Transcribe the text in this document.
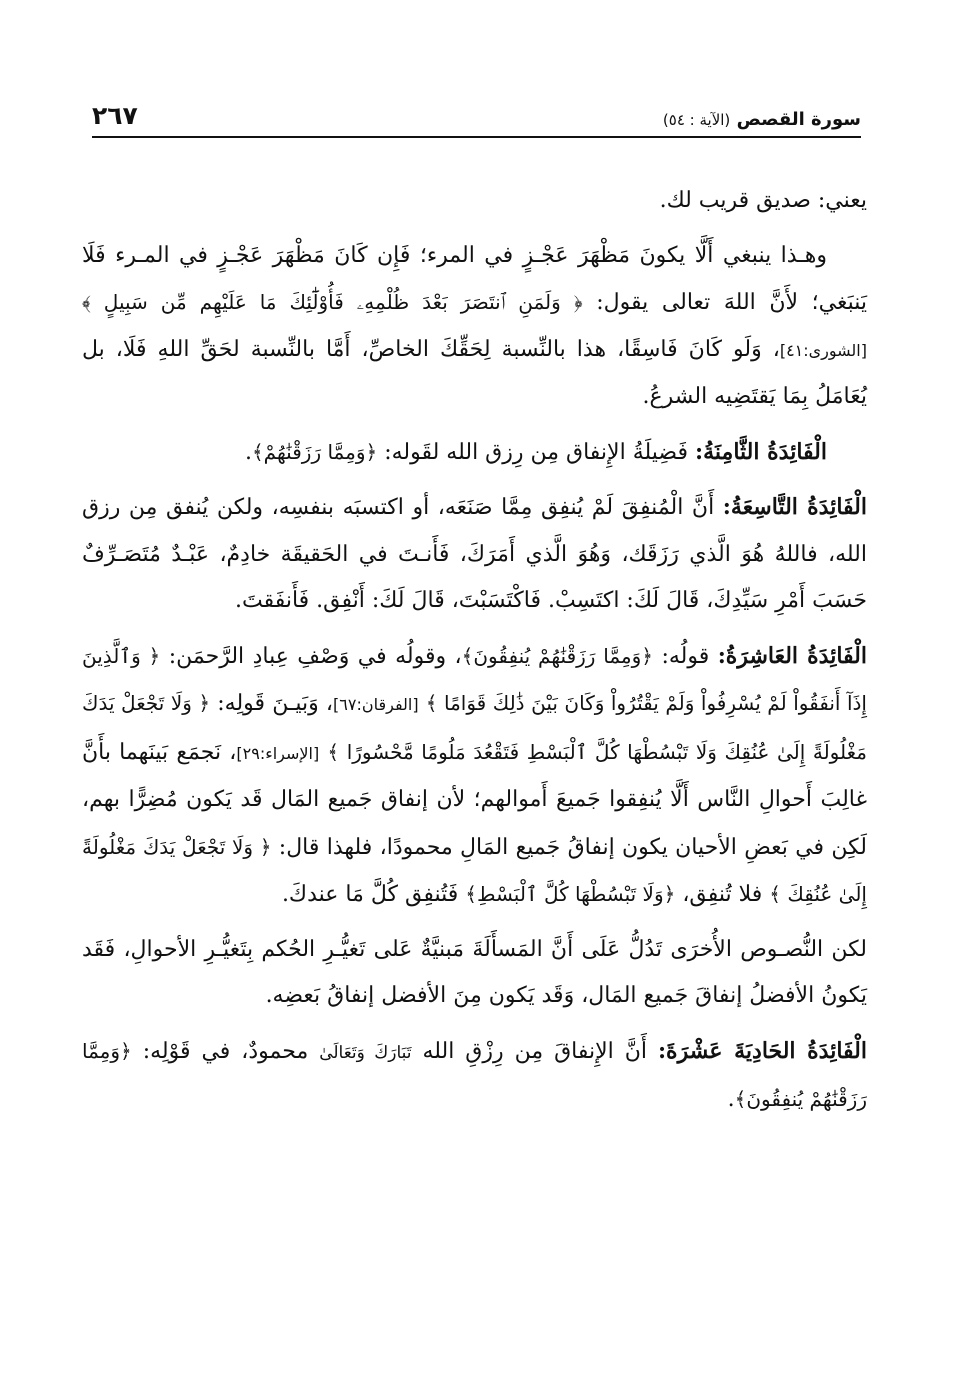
٢٦٧	سورة القصص (الآية : ٥٤)

يعني: صديق قريب لك.

وهـذا ينبغي أَلَّا يكونَ مَظْهَرَ عَجْـزٍ في المرء؛ فَإِن كَانَ مَظْهَرَ عَجْـزٍ في المـرء فَلَا يَنبَغي؛ لأَنَّ اللهَ تعالى يقول: ﴿ وَلَمَنِ ٱنتَصَرَ بَعْدَ ظُلْمِهِۦ فَأُوْلَٰٓئِكَ مَا عَلَيْهِم مِّن سَبِيلٍ ﴾ [الشورى:٤١]، وَلَو كَانَ فَاسِقًا، هذا بالنِّسبة لِحَقِّكَ الخاصِّ، أَمَّا بالنِّسبة لحَقِّ اللهِ فَلَا، بل يُعَامَلُ بِمَا يَقتَضِيه الشرعُ.

الْفَائِدَةُ الثَّامِنَةُ: فَضِيلَةُ الإِنفاق مِن رِزق الله لقَوله: ﴿وَمِمَّا رَزَقْنَٰهُمْ﴾.

الْفَائِدَةُ التَّاسِعَةُ: أَنَّ الْمُنفِقَ لَمْ يُنفِق مِمَّا صَنَعَه، أو اكتسبَه بنفسِه، ولكن يُنفق مِن رزق الله، فاللهُ هُوَ الَّذي رَزَقَك، وَهُوَ الَّذي أَمَرَكَ، فَأَنـتَ في الحَقيقَة خادِمٌ، عَبْـدٌ مُتَصَـرِّفٌ حَسَبَ أَمْرِ سَيِّدِكَ، قَالَ لَكَ: اكتَسِبْ. فَاكْتَسَبْتَ، قَالَ لَكَ: أَنْفِق. فَأَنفَقتَ.

الْفَائِدَةُ العَاشِرَةُ: قولُه: ﴿وَمِمَّا رَزَقْنَٰهُمْ يُنفِقُونَ﴾، وقولُه في وَصْفِ عِبادِ الرَّحمَن: ﴿ وَٱلَّذِينَ إِذَآ أَنفَقُواْ لَمْ يُسْرِفُواْ وَلَمْ يَقْتُرُواْ وَكَانَ بَيْنَ ذَٰلِكَ قَوَامًا ﴾ [الفرقان:٦٧]، وَبَيـنَ قَولِه: ﴿ وَلَا تَجْعَلْ يَدَكَ مَغْلُولَةً إِلَىٰ عُنُقِكَ وَلَا تَبْسُطْهَا كُلَّ ٱلْبَسْطِ فَتَقْعُدَ مَلُومًا مَّحْسُورًا ﴾ [الإسراء:٢٩]، نَجمَع بَينَهما بأَنَّ غالِبَ أَحوالِ النَّاس أَلَّا يُنفِقوا جَميعَ أَموالهم؛ لأن إنفاق جَميع المَال قَد يَكون مُضِرًّا بهم، لَكِن في بَعضِ الأحيان يكون إنفاقُ جَميع المَالِ محمودًا، فلهذا قال: ﴿ وَلَا تَجْعَلْ يَدَكَ مَغْلُولَةً إِلَىٰ عُنُقِكَ ﴾ فلا تُنفِق، ﴿وَلَا تَبْسُطْهَا كُلَّ ٱلْبَسْطِ﴾ فَتُنفِق كُلَّ مَا عندكَ.

لكن النُّصـوص الأُخرَى تَدُلُّ عَلَى أَنَّ المَسأَلَةَ مَبنيَّةٌ عَلى تَغيُّـرِ الحُكم بِتَغيُّـرِ الأحوالِ، فَقَد يَكونُ الأفضلُ إنفاقَ جَميع المَال، وَقَد يَكون مِنَ الأفضل إنفاقُ بَعضِه.

الْفَائِدَةُ الحَادِيَةَ عَشْرَةَ: أَنَّ الإِنفاقَ مِن رِزْقِ الله تَبَارَكَ وَتَعَالَىٰ محمودٌ، في قَوْلِه: ﴿وَمِمَّا رَزَقْنَٰهُمْ يُنفِقُونَ﴾.
